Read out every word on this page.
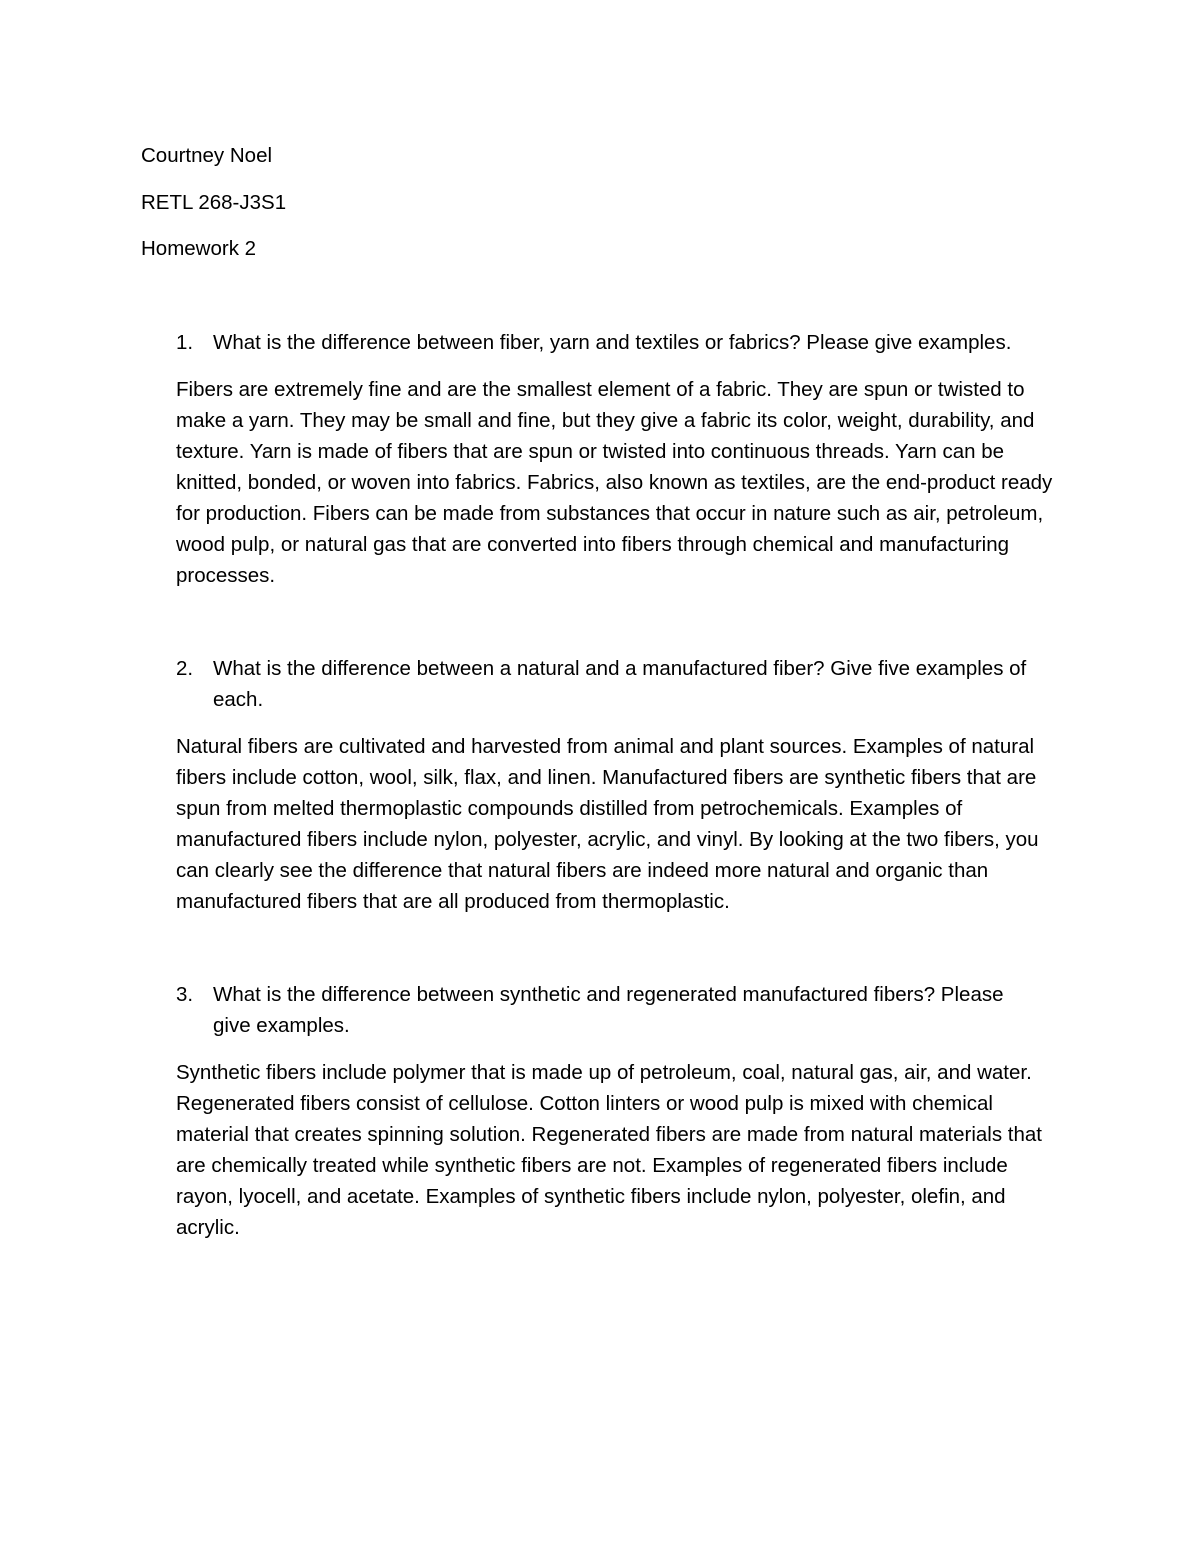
Courtney Noel
RETL 268-J3S1
Homework 2
1. What is the difference between fiber, yarn and textiles or fabrics? Please give examples.
Fibers are extremely fine and are the smallest element of a fabric. They are spun or twisted to make a yarn. They may be small and fine, but they give a fabric its color, weight, durability, and texture. Yarn is made of fibers that are spun or twisted into continuous threads. Yarn can be knitted, bonded, or woven into fabrics. Fabrics, also known as textiles, are the end-product ready for production. Fibers can be made from substances that occur in nature such as air, petroleum, wood pulp, or natural gas that are converted into fibers through chemical and manufacturing processes.
2. What is the difference between a natural and a manufactured fiber? Give five examples of each.
Natural fibers are cultivated and harvested from animal and plant sources. Examples of natural fibers include cotton, wool, silk, flax, and linen. Manufactured fibers are synthetic fibers that are spun from melted thermoplastic compounds distilled from petrochemicals. Examples of manufactured fibers include nylon, polyester, acrylic, and vinyl. By looking at the two fibers, you can clearly see the difference that natural fibers are indeed more natural and organic than manufactured fibers that are all produced from thermoplastic.
3. What is the difference between synthetic and regenerated manufactured fibers? Please give examples.
Synthetic fibers include polymer that is made up of petroleum, coal, natural gas, air, and water. Regenerated fibers consist of cellulose. Cotton linters or wood pulp is mixed with chemical material that creates spinning solution. Regenerated fibers are made from natural materials that are chemically treated while synthetic fibers are not. Examples of regenerated fibers include rayon, lyocell, and acetate. Examples of synthetic fibers include nylon, polyester, olefin, and acrylic.
